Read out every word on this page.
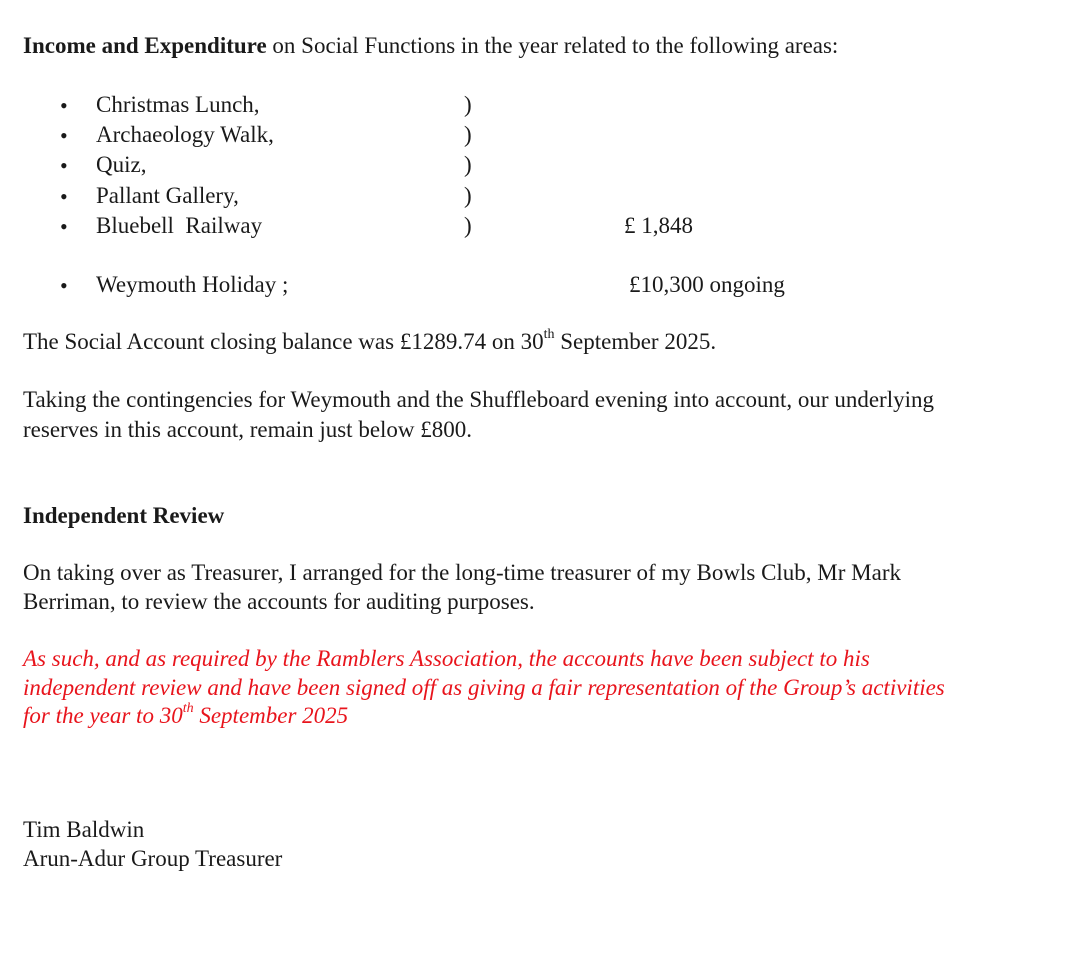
Income and Expenditure on Social Functions in the year related to the following areas:
• Christmas Lunch,	)
• Archaeology Walk,	)
• Quiz,	)
• Pallant Gallery,	)
• Bluebell  Railway	)	£ 1,848
• Weymouth Holiday ;	£10,300 ongoing
The Social Account closing balance was £1289.74 on 30th September 2025.
Taking the contingencies for Weymouth and the Shuffleboard evening into account, our underlying
reserves in this account, remain just below £800.
Independent Review
On taking over as Treasurer, I arranged for the long-time treasurer of my Bowls Club, Mr Mark
Berriman, to review the accounts for auditing purposes.
As such, and as required by the Ramblers Association, the accounts have been subject to his
independent review and have been signed off as giving a fair representation of the Group’s activities
for the year to 30th September 2025
Tim Baldwin
Arun-Adur Group Treasurer
